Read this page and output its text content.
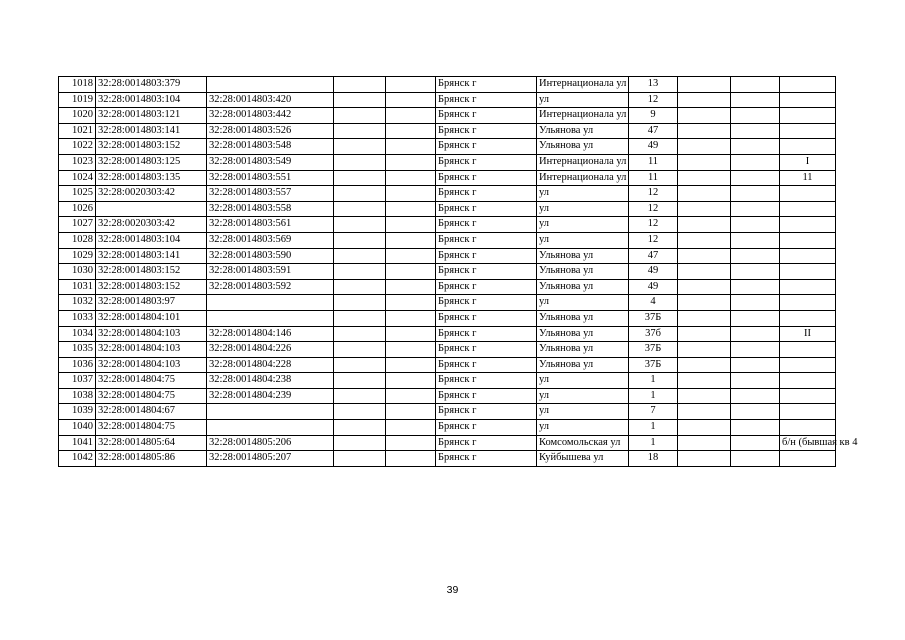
1018	32:28:0014803:379				Брянск г	Интернационала ул	13			
1019	32:28:0014803:104	32:28:0014803:420			Брянск г	ул	12			
1020	32:28:0014803:121	32:28:0014803:442			Брянск г	Интернационала ул	9			
1021	32:28:0014803:141	32:28:0014803:526			Брянск г	Ульянова ул	47			
1022	32:28:0014803:152	32:28:0014803:548			Брянск г	Ульянова ул	49			
1023	32:28:0014803:125	32:28:0014803:549			Брянск г	Интернационала ул	11			I
1024	32:28:0014803:135	32:28:0014803:551			Брянск г	Интернационала ул	11			11
1025	32:28:0020303:42	32:28:0014803:557			Брянск г	ул	12			
1026		32:28:0014803:558			Брянск г	ул	12			
1027	32:28:0020303:42	32:28:0014803:561			Брянск г	ул	12			
1028	32:28:0014803:104	32:28:0014803:569			Брянск г	ул	12			
1029	32:28:0014803:141	32:28:0014803:590			Брянск г	Ульянова ул	47			
1030	32:28:0014803:152	32:28:0014803:591			Брянск г	Ульянова ул	49			
1031	32:28:0014803:152	32:28:0014803:592			Брянск г	Ульянова ул	49			
1032	32:28:0014803:97				Брянск г	ул	4			
1033	32:28:0014804:101				Брянск г	Ульянова ул	37Б			
1034	32:28:0014804:103	32:28:0014804:146			Брянск г	Ульянова ул	37б			II
1035	32:28:0014804:103	32:28:0014804:226			Брянск г	Ульянова ул	37Б			
1036	32:28:0014804:103	32:28:0014804:228			Брянск г	Ульянова ул	37Б			
1037	32:28:0014804:75	32:28:0014804:238			Брянск г	ул	1			
1038	32:28:0014804:75	32:28:0014804:239			Брянск г	ул	1			
1039	32:28:0014804:67				Брянск г	ул	7			
1040	32:28:0014804:75				Брянск г	ул	1			
1041	32:28:0014805:64	32:28:0014805:206			Брянск г	Комсомольская ул	1			б/н (бывшая кв 4
1042	32:28:0014805:86	32:28:0014805:207			Брянск г	Куйбышева ул	18			
39
